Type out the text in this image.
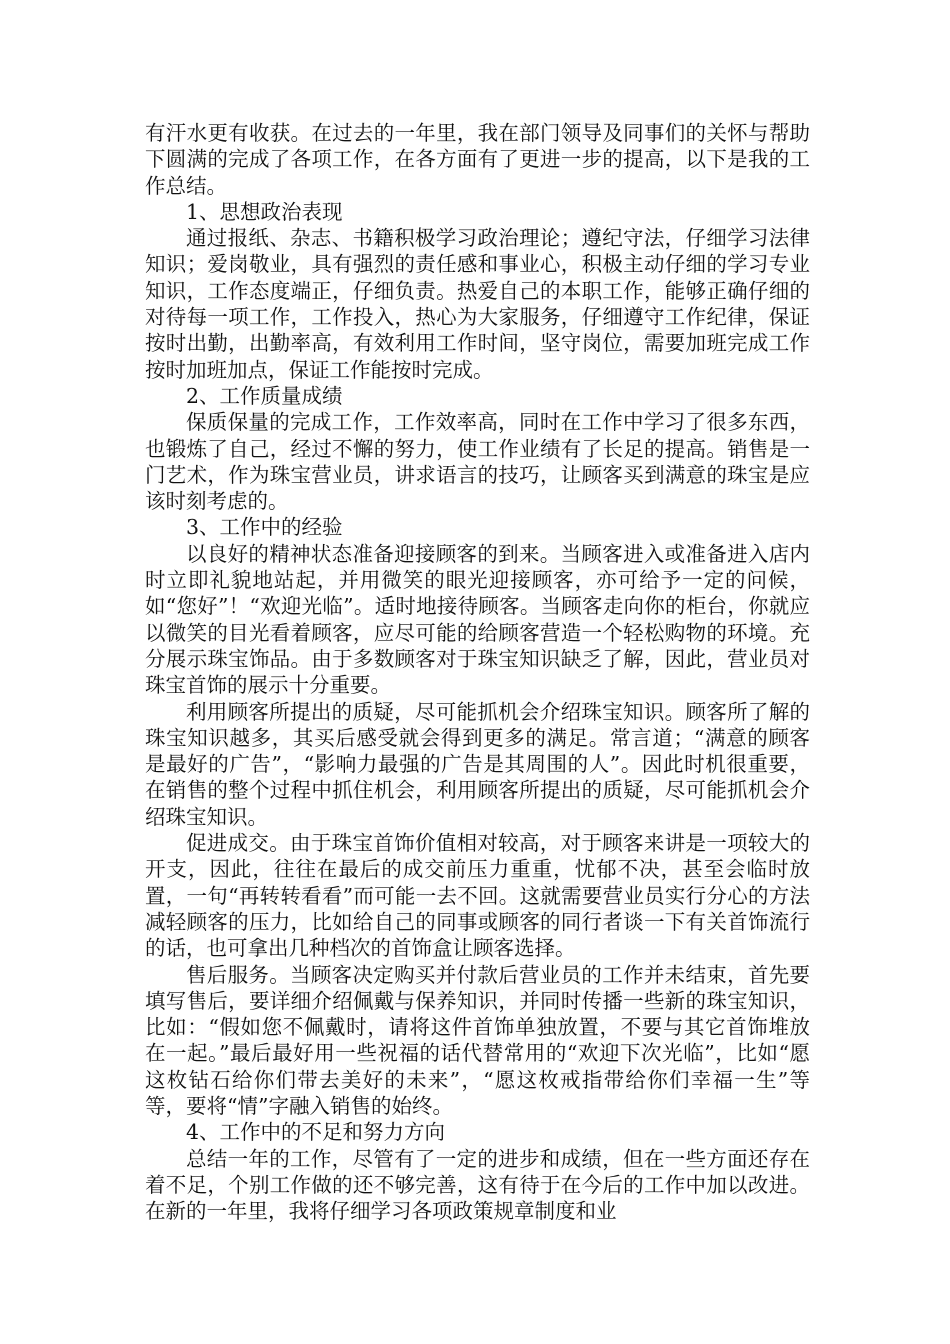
有汗水更有收获。在过去的一年里，我在部门领导及同事们的关怀与帮助下圆满的完成了各项工作，在各方面有了更进一步的提高，以下是我的工作总结。

1、思想政治表现

通过报纸、杂志、书籍积极学习政治理论；遵纪守法，仔细学习法律知识；爱岗敬业，具有强烈的责任感和事业心，积极主动仔细的学习专业知识，工作态度端正，仔细负责。热爱自己的本职工作，能够正确仔细的对待每一项工作，工作投入，热心为大家服务，仔细遵守工作纪律，保证按时出勤，出勤率高，有效利用工作时间，坚守岗位，需要加班完成工作按时加班加点，保证工作能按时完成。

2、工作质量成绩

保质保量的完成工作，工作效率高，同时在工作中学习了很多东西，也锻炼了自己，经过不懈的努力，使工作业绩有了长足的提高。销售是一门艺术，作为珠宝营业员，讲求语言的技巧，让顾客买到满意的珠宝是应该时刻考虑的。

3、工作中的经验

以良好的精神状态准备迎接顾客的到来。当顾客进入或准备进入店内时立即礼貌地站起，并用微笑的眼光迎接顾客，亦可给予一定的问候，如“您好”！“欢迎光临”。适时地接待顾客。当顾客走向你的柜台，你就应以微笑的目光看着顾客，应尽可能的给顾客营造一个轻松购物的环境。充分展示珠宝饰品。由于多数顾客对于珠宝知识缺乏了解，因此，营业员对珠宝首饰的展示十分重要。

利用顾客所提出的质疑，尽可能抓机会介绍珠宝知识。顾客所了解的珠宝知识越多，其买后感受就会得到更多的满足。常言道；“满意的顾客是最好的广告”，“影响力最强的广告是其周围的人”。因此时机很重要，在销售的整个过程中抓住机会，利用顾客所提出的质疑，尽可能抓机会介绍珠宝知识。

促进成交。由于珠宝首饰价值相对较高，对于顾客来讲是一项较大的开支，因此，往往在最后的成交前压力重重，忧郁不决，甚至会临时放置，一句“再转转看看”而可能一去不回。这就需要营业员实行分心的方法减轻顾客的压力，比如给自己的同事或顾客的同行者谈一下有关首饰流行的话，也可拿出几种档次的首饰盒让顾客选择。

售后服务。当顾客决定购买并付款后营业员的工作并未结束，首先要填写售后，要详细介绍佩戴与保养知识，并同时传播一些新的珠宝知识，比如：“假如您不佩戴时，请将这件首饰单独放置，不要与其它首饰堆放在一起。”最后最好用一些祝福的话代替常用的“欢迎下次光临”，比如“愿这枚钻石给你们带去美好的未来”，“愿这枚戒指带给你们幸福一生”等等，要将“情”字融入销售的始终。

4、工作中的不足和努力方向

总结一年的工作，尽管有了一定的进步和成绩，但在一些方面还存在着不足，个别工作做的还不够完善，这有待于在今后的工作中加以改进。在新的一年里，我将仔细学习各项政策规章制度和业
